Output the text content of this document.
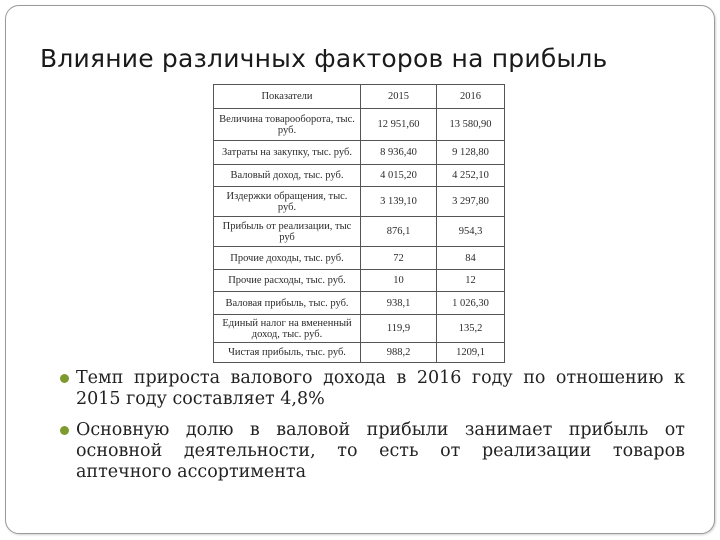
Влияние различных факторов на прибыль
Показатели	2015	2016
Величина товарооборота, тыс. руб.	12 951,60	13 580,90
Затраты на закупку, тыс. руб.	8 936,40	9 128,80
Валовый доход, тыс. руб.	4 015,20	4 252,10
Издержки обращения, тыс. руб.	3 139,10	3 297,80
Прибыль от реализации, тыс руб	876,1	954,3
Прочие доходы, тыс. руб.	72	84
Прочие расходы, тыс. руб.	10	12
Валовая прибыль, тыс. руб.	938,1	1 026,30
Единый налог на вмененный доход, тыс. руб.	119,9	135,2
Чистая прибыль, тыс. руб.	988,2	1209,1
Темп прироста валового дохода в 2016 году по отношению к 2015 году составляет 4,8%
Основную долю в валовой прибыли занимает прибыль от основной деятельности, то есть от реализации товаров аптечного ассортимента
